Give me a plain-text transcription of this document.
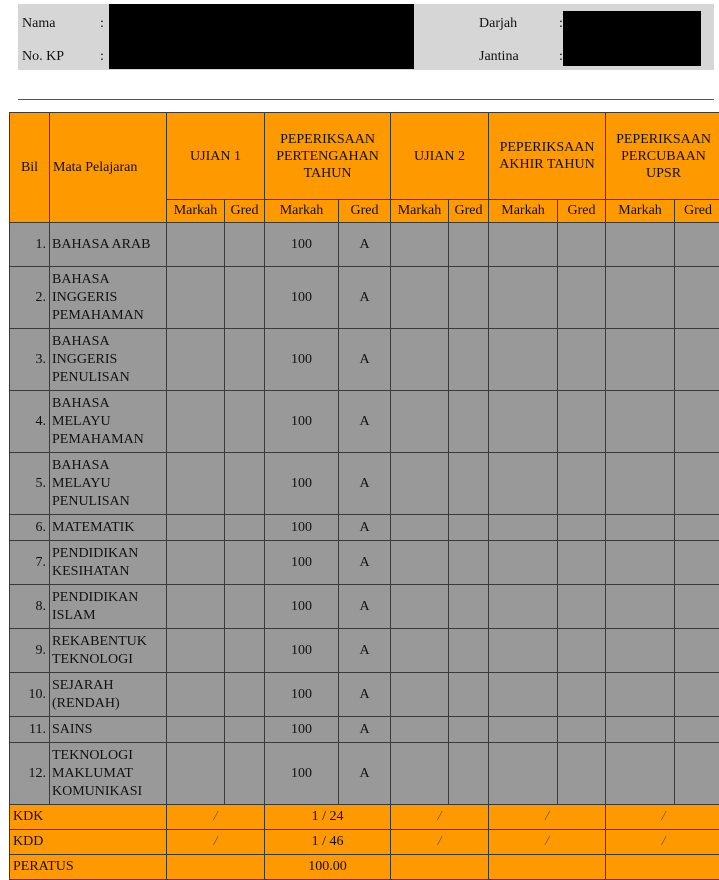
Nama	:
No. KP	:
Darjah	:
Jantina	:
Bil	Mata Pelajaran	UJIAN 1		PEPERIKSAAN PERTENGAHAN TAHUN		UJIAN 2		PEPERIKSAAN AKHIR TAHUN		PEPERIKSAAN PERCUBAAN UPSR	
		Markah	Gred	Markah	Gred	Markah	Gred	Markah	Gred	Markah	Gred
1.	BAHASA ARAB			100	A						
2.	BAHASA INGGERIS PEMAHAMAN			100	A						
3.	BAHASA INGGERIS PENULISAN			100	A						
4.	BAHASA MELAYU PEMAHAMAN			100	A						
5.	BAHASA MELAYU PENULISAN			100	A						
6.	MATEMATIK			100	A						
7.	PENDIDIKAN KESIHATAN			100	A						
8.	PENDIDIKAN ISLAM			100	A						
9.	REKABENTUK TEKNOLOGI			100	A						
10.	SEJARAH (RENDAH)			100	A						
11.	SAINS			100	A						
12.	TEKNOLOGI MAKLUMAT KOMUNIKASI			100	A						
KDK		/		1 / 24		/		/		/	
KDD		/		1 / 46		/		/		/	
PERATUS				100.00							
